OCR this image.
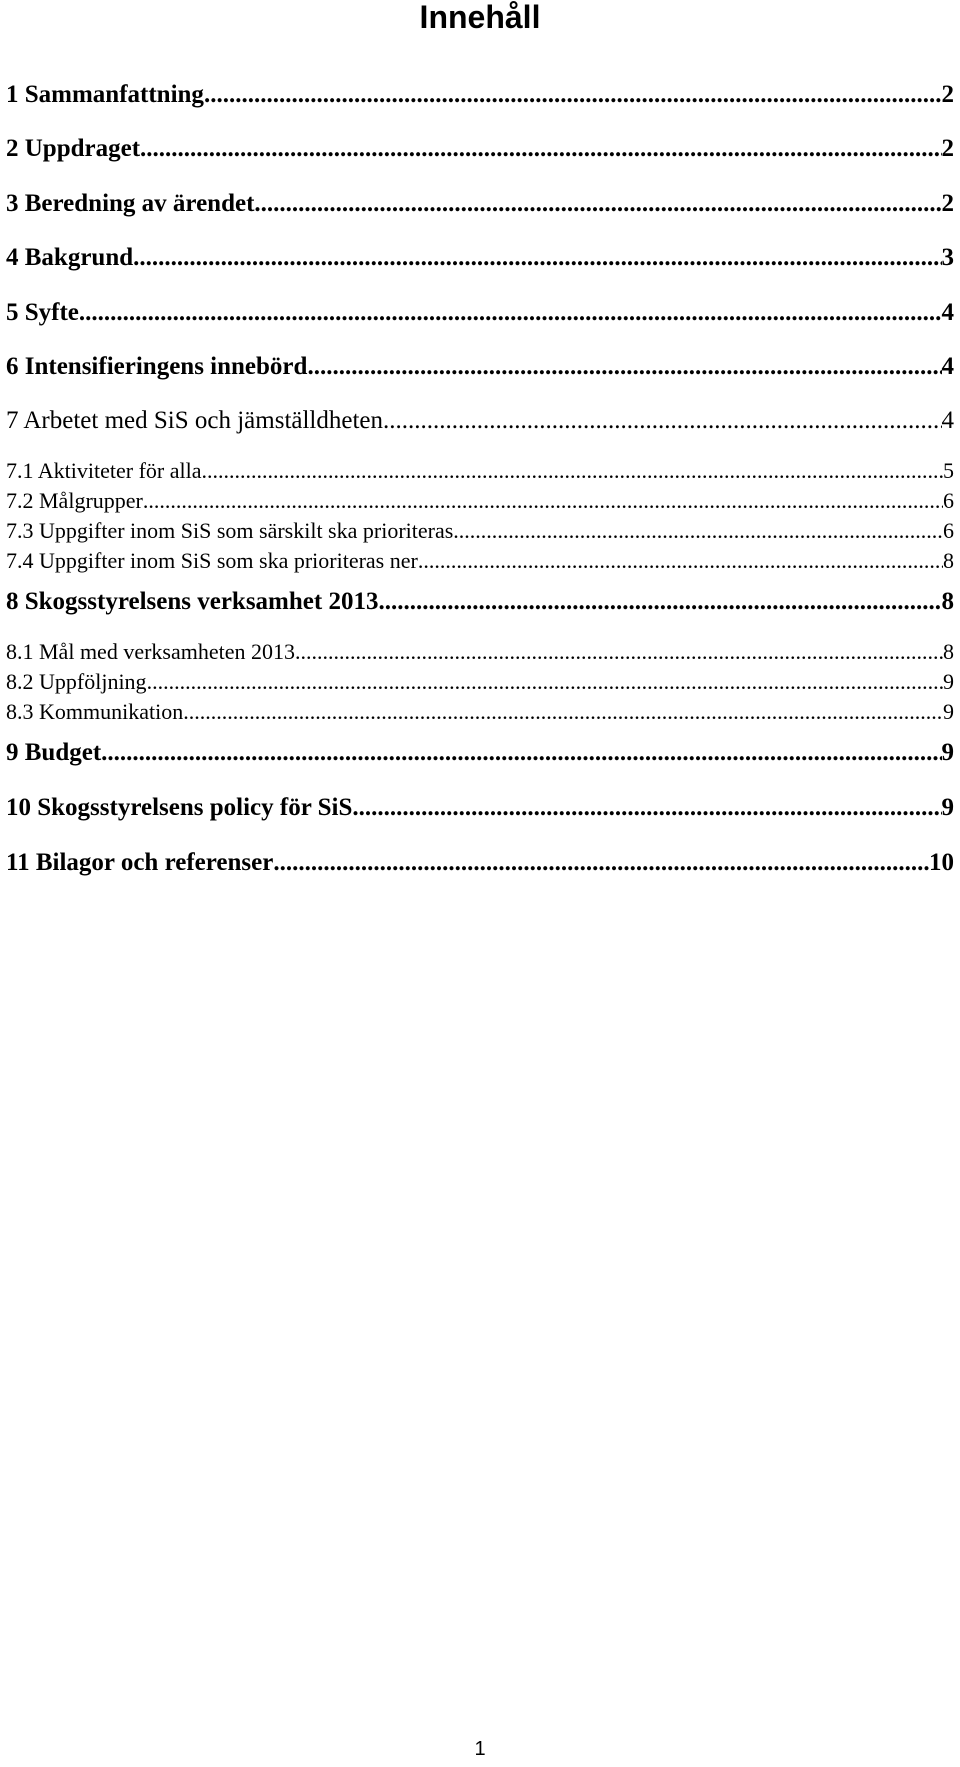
Innehåll
1 Sammanfattning .....	2
2 Uppdraget .....	2
3 Beredning av ärendet .....	2
4 Bakgrund .....	3
5 Syfte .....	4
6 Intensifieringens innebörd .....	4
7 Arbetet med SiS och jämställdheten .....	4
7.1 Aktiviteter för alla .....	5
7.2 Målgrupper .....	6
7.3 Uppgifter inom SiS som särskilt ska prioriteras .....	6
7.4 Uppgifter inom SiS som ska prioriteras ner .....	8
8 Skogsstyrelsens verksamhet 2013 .....	8
8.1 Mål med verksamheten 2013 .....	8
8.2 Uppföljning .....	9
8.3 Kommunikation .....	9
9 Budget .....	9
10 Skogsstyrelsens policy för SiS .....	9
11 Bilagor och referenser .....	10
1
